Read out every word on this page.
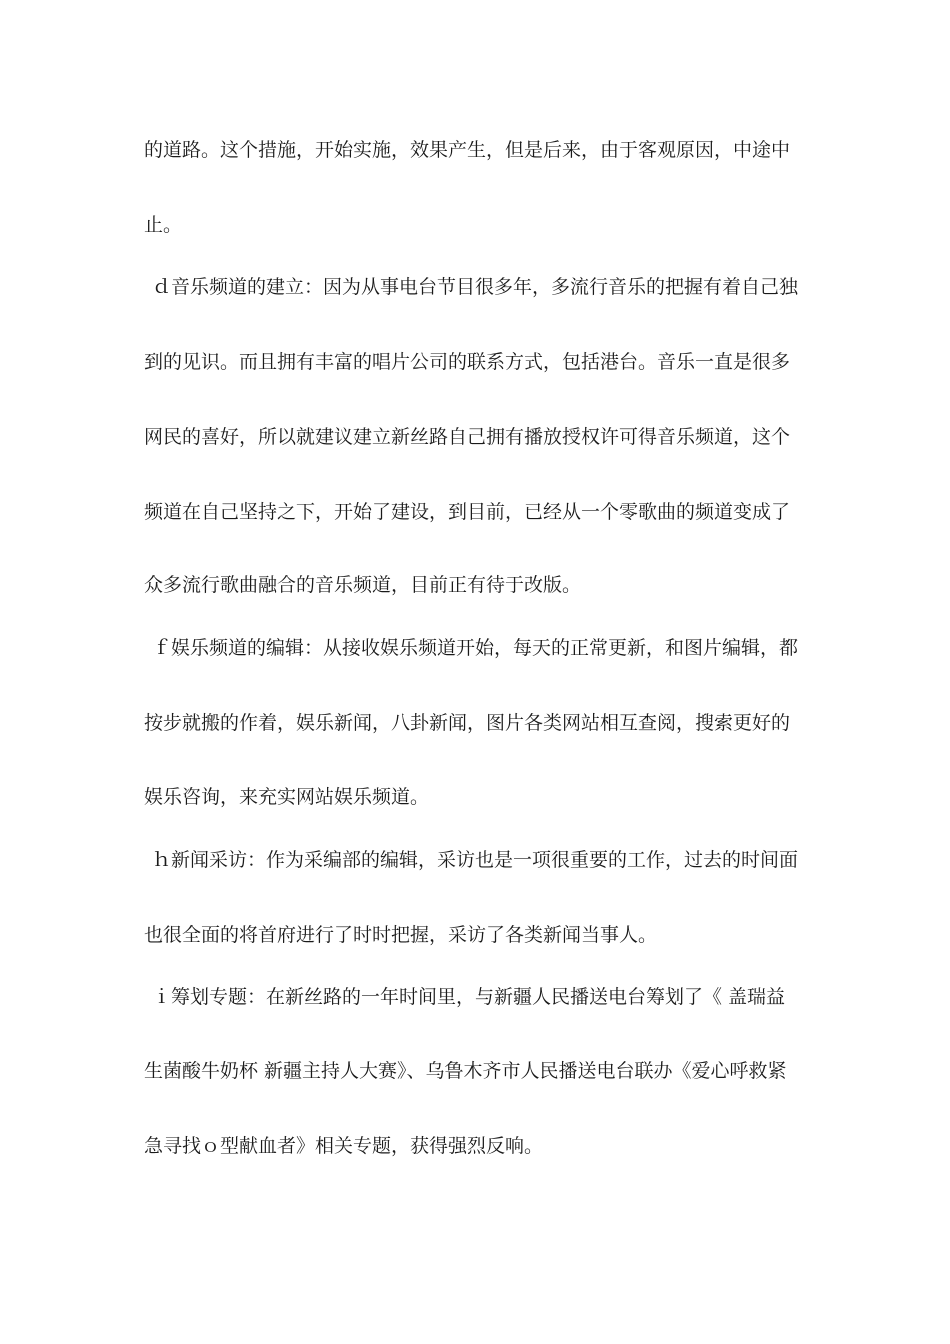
的道路。这个措施，开始实施，效果产生，但是后来，由于客观原因，中途中
止。
ｄ音乐频道的建立：因为从事电台节目很多年，多流行音乐的把握有着自己独
到的见识。而且拥有丰富的唱片公司的联系方式，包括港台。音乐一直是很多
网民的喜好，所以就建议建立新丝路自己拥有播放授权许可得音乐频道，这个
频道在自己坚持之下，开始了建设，到目前，已经从一个零歌曲的频道变成了
众多流行歌曲融合的音乐频道，目前正有待于改版。
ｆ娱乐频道的编辑：从接收娱乐频道开始，每天的正常更新，和图片编辑，都
按步就搬的作着，娱乐新闻，八卦新闻，图片各类网站相互查阅，搜索更好的
娱乐咨询，来充实网站娱乐频道。
ｈ新闻采访：作为采编部的编辑，采访也是一项很重要的工作，过去的时间面
也很全面的将首府进行了时时把握，采访了各类新闻当事人。
ｉ筹划专题：在新丝路的一年时间里，与新疆人民播送电台筹划了《 盖瑞益
生菌酸牛奶杯 新疆主持人大赛》、乌鲁木齐市人民播送电台联办《爱心呼救紧
急寻找ｏ型献血者》相关专题，获得强烈反响。
